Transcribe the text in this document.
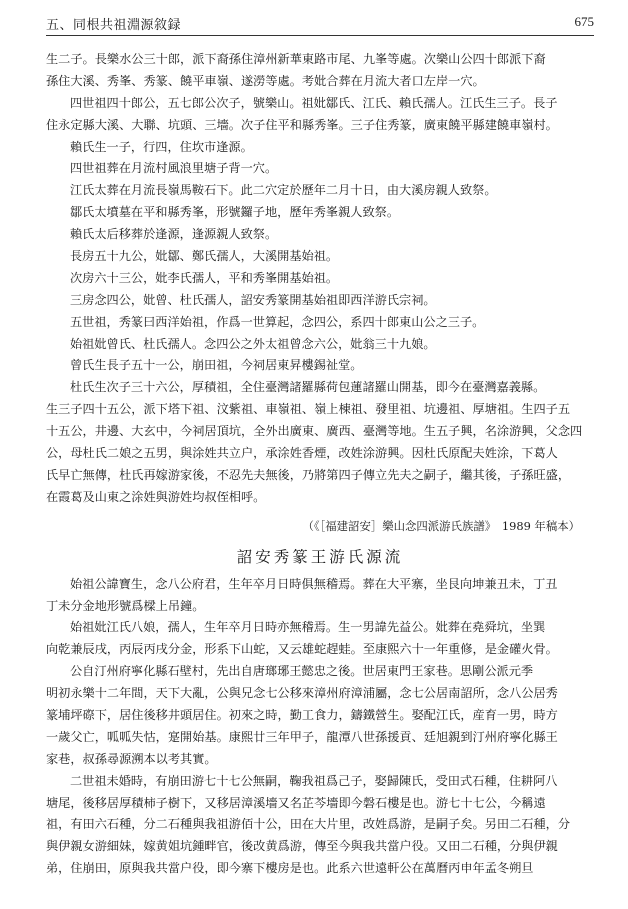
五、同根共祖淵源敘録	675
生二子。長樂水公三十郎，派下裔孫住漳州新華東路市尾、九峯等處。次樂山公四十郎派下裔
孫住大溪、秀峯、秀篆、饒平車嶺、遂澇等處。考妣合葬在月流大者口左岸一穴。
四世祖四十郎公，五七郎公次子，號樂山。祖妣鄒氏、江氏、賴氏孺人。江氏生三子。長子
住永定縣大溪、大聯、坑頭、三墻。次子住平和縣秀峯。三子住秀篆，廣東饒平縣建饒車嶺村。
賴氏生一子，行四，住坎市逢源。
四世祖葬在月流村風浪里塘子背一穴。
江氏太葬在月流長嶺馬鞍石下。此二穴定於歷年二月十日，由大溪房親人致祭。
鄒氏太墳墓在平和縣秀峯，形號鑼子地，歷年秀峯親人致祭。
賴氏太后移葬於逢源，逢源親人致祭。
長房五十九公，妣鄒、鄭氏孺人，大溪開基始祖。
次房六十三公，妣李氏孺人，平和秀峯開基始祖。
三房念四公，妣曾、杜氏孺人，詔安秀篆開基始祖即西洋游氏宗祠。
五世祖，秀篆曰西洋始祖，作爲一世算起，念四公，系四十郎東山公之三子。
始祖妣曾氏、杜氏孺人。念四公之外太祖曾念六公，妣翁三十九娘。
曾氏生長子五十一公，崩田祖，今祠居東昇樓錫祉堂。
杜氏生次子三十六公，厚積祖，全住臺灣諸羅縣荷包蓮諸羅山開基，即今在臺灣嘉義縣。
生三子四十五公，派下塔下祖、汶紫祖、車嶺祖、嶺上棟祖、發里祖、坑邊祖、厚塘祖。生四子五
十五公，井邊、大玄中，今祠居頂坑，全外出廣東、廣西、臺灣等地。生五子興，名涂游興，父念四
公，母杜氏二娘之五男，與涂姓共立户，承涂姓香煙，改姓涂游興。因杜氏原配夫姓涂，下葛人
氏早亡無傳，杜氏再嫁游家後，不忍先夫無後，乃將第四子傳立先夫之嗣子，繼其後，子孫旺盛，
在霞葛及山東之涂姓與游姓均叔侄相呼。
（《［福建詔安］樂山念四派游氏族譜》　1989 年稿本）
詔安秀篆王游氏源流
始祖公諱寶生，念八公府君，生年卒月日時俱無稽焉。葬在大平寨，坐艮向坤兼丑未，丁丑
丁未分金地形號爲樑上吊鐘。
始祖妣江氏八娘，孺人，生年卒月日時亦無稽焉。生一男諱先益公。妣葬在堯舜坑，坐巽
向乾兼辰戌，丙辰丙戌分金，形系下山蛇，又云雄蛇趕蛙。至康熙六十一年重修，是金礶火骨。
公自汀州府寧化縣石壁村，先出自唐瑯琊王懿忠之後。世居東門王家巷。思剛公派元季
明初永樂十二年間，天下大亂，公與兄念七公移來漳州府漳浦屬，念七公居南詔所，念八公居秀
篆埔坪磜下，居住後移井頭居住。初來之時，勤工食力，鑄鐵營生。娶配江氏，産育一男，時方
一歲父亡，呱呱失怙，寔開始基。康熙廿三年甲子，龍潭八世孫援貢、廷旭親到汀州府寧化縣王
家巷，叔孫尋源溯本以考其實。
二世祖未婚時，有崩田游七十七公無嗣，鞠我祖爲己子，娶歸陳氏，受田式石種，住耕阿八
塘尾，後移居厚積柿子樹下，又移居漳溪墻又名芷芩墻即今磐石樓是也。游七十七公，今稱遠
祖，有田六石種，分二石種與我祖游佰十公，田在大片里，改姓爲游，是嗣子矣。另田二石種，分
與伊親女游細妹，嫁黄姐坑鍾畔官，後改黄爲游，傳至今與我共當户役。又田二石種，分與伊親
弟，住崩田，原與我共當户役，即今寨下樓房是也。此系六世遠軒公在萬曆丙申年孟冬朔旦
